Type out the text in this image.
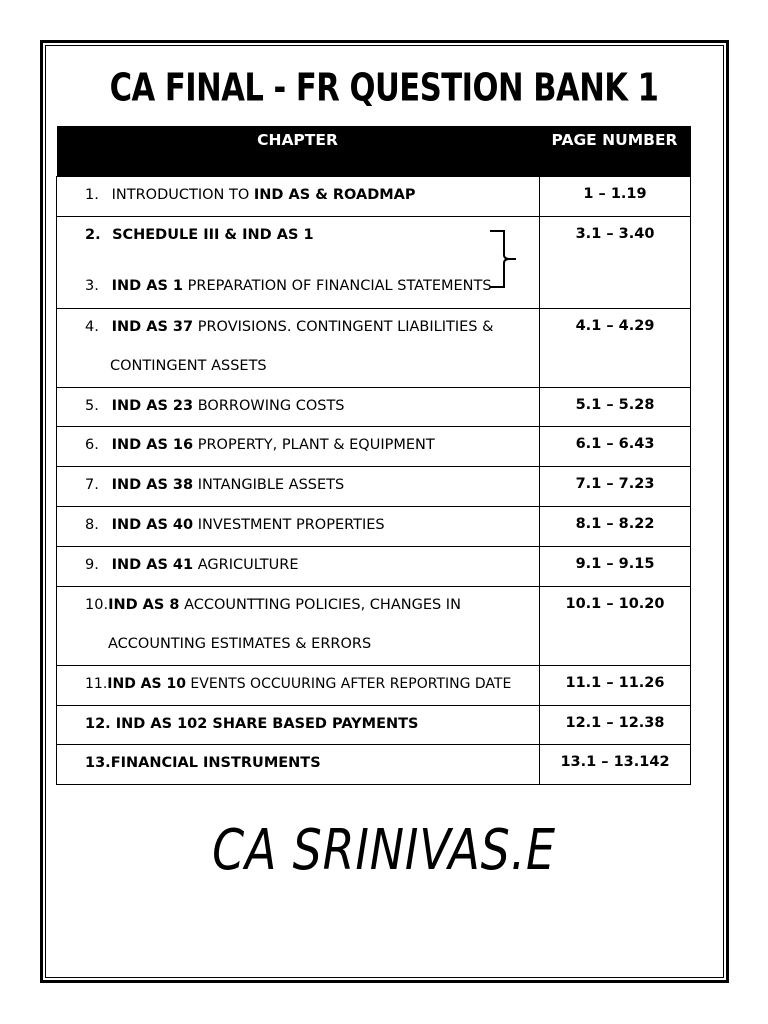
CA FINAL - FR QUESTION BANK 1
CHAPTER	PAGE NUMBER

1. INTRODUCTION TO IND AS & ROADMAP	1 – 1.19

2. SCHEDULE III & IND AS 1
3. IND AS 1 PREPARATION OF FINANCIAL STATEMENTS	3.1 – 3.40

4. IND AS 37 PROVISIONS. CONTINGENT LIABILITIES &
CONTINGENT ASSETS	4.1 – 4.29

5. IND AS 23 BORROWING COSTS	5.1 – 5.28

6. IND AS 16 PROPERTY, PLANT & EQUIPMENT	6.1 – 6.43

7. IND AS 38 INTANGIBLE ASSETS	7.1 – 7.23

8. IND AS 40 INVESTMENT PROPERTIES	8.1 – 8.22

9. IND AS 41 AGRICULTURE	9.1 – 9.15

10.IND AS 8 ACCOUNTTING POLICIES, CHANGES IN
ACCOUNTING ESTIMATES & ERRORS	10.1 – 10.20

11.IND AS 10 EVENTS OCCUURING AFTER REPORTING DATE	11.1 – 11.26

12. IND AS 102 SHARE BASED PAYMENTS	12.1 – 12.38

13.FINANCIAL INSTRUMENTS	13.1 – 13.142
CA SRINIVAS.E
